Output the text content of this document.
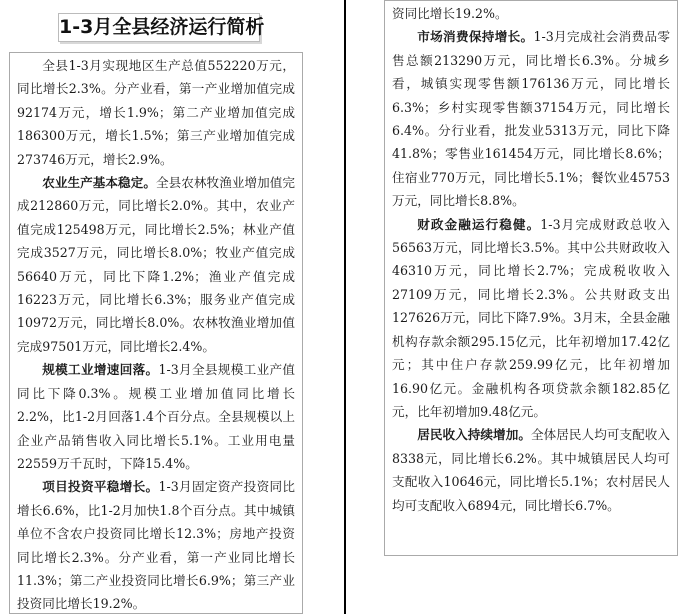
1-3月全县经济运行简析

全县1-3月实现地区生产总值552220万元，同比增长2.3%。分产业看，第一产业增加值完成92174万元，增长1.9%；第二产业增加值完成186300万元，增长1.5%；第三产业增加值完成273746万元，增长2.9%。

农业生产基本稳定。全县农林牧渔业增加值完成212860万元，同比增长2.0%。其中，农业产值完成125498万元，同比增长2.5%；林业产值完成3527万元，同比增长8.0%；牧业产值完成56640万元，同比下降1.2%；渔业产值完成16223万元，同比增长6.3%；服务业产值完成10972万元，同比增长8.0%。农林牧渔业增加值完成97501万元，同比增长2.4%。

规模工业增速回落。1-3月全县规模工业产值同比下降0.3%。规模工业增加值同比增长2.2%，比1-2月回落1.4个百分点。全县规模以上企业产品销售收入同比增长5.1%。工业用电量22559万千瓦时，下降15.4%。

项目投资平稳增长。1-3月固定资产投资同比增长6.6%，比1-2月加快1.8个百分点。其中城镇单位不含农户投资同比增长12.3%；房地产投资同比增长2.3%。分产业看，第一产业同比增长11.3%；第二产业投资同比增长6.9%；第三产业投资同比增长19.2%。

资同比增长19.2%。

市场消费保持增长。1-3月完成社会消费品零售总额213290万元，同比增长6.3%。分城乡看，城镇实现零售额176136万元，同比增长6.3%；乡村实现零售额37154万元，同比增长6.4%。分行业看，批发业5313万元，同比下降41.8%；零售业161454万元，同比增长8.6%；住宿业770万元，同比增长5.1%；餐饮业45753万元，同比增长8.8%。

财政金融运行稳健。1-3月完成财政总收入56563万元，同比增长3.5%。其中公共财政收入46310万元，同比增长2.7%；完成税收收入27109万元，同比增长2.3%。公共财政支出127626万元，同比下降7.9%。3月末，全县金融机构存款余额295.15亿元，比年初增加17.42亿元；其中住户存款259.99亿元，比年初增加16.90亿元。金融机构各项贷款余额182.85亿元，比年初增加9.48亿元。

居民收入持续增加。全体居民人均可支配收入8338元，同比增长6.2%。其中城镇居民人均可支配收入10646元，同比增长5.1%；农村居民人均可支配收入6894元，同比增长6.7%。
